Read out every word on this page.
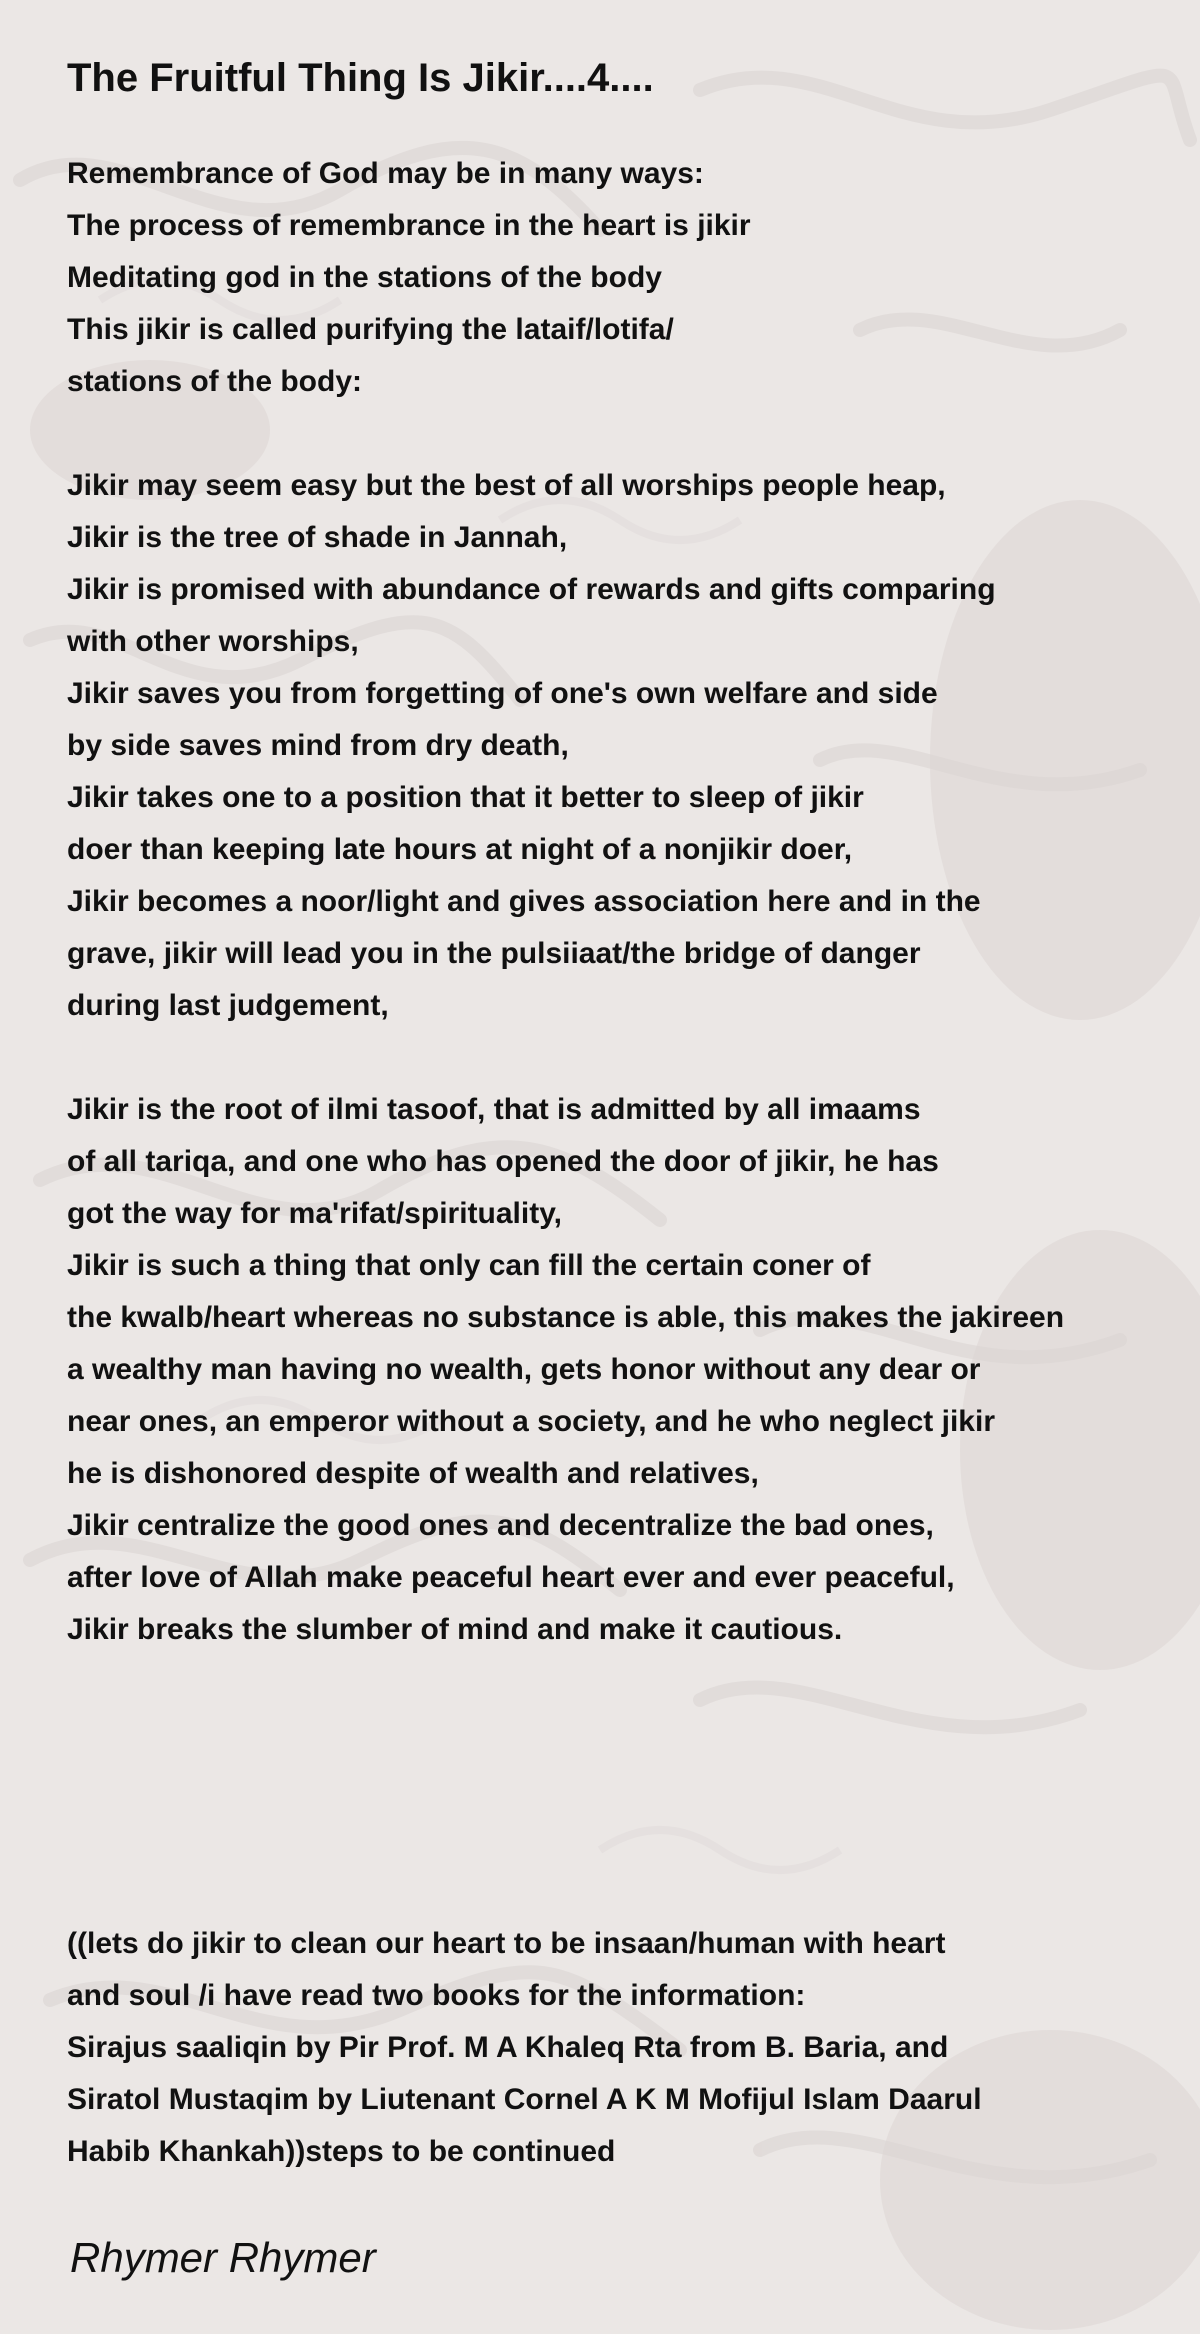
The Fruitful Thing Is Jikir....4....
Remembrance of God may be in many ways:
The process of remembrance in the heart is jikir
Meditating god in the stations of the body
This jikir is called purifying the lataif/lotifa/
stations of the body:
Jikir may seem easy but the best of all worships people heap,
Jikir is the tree of shade in Jannah,
Jikir is promised with abundance of rewards and gifts comparing
with other worships,
Jikir saves you from forgetting of one's own welfare and side
by side saves mind from dry death,
Jikir takes one to a position that it better to sleep of jikir
doer than keeping late hours at night of a nonjikir doer,
Jikir becomes a noor/light and gives association here and in the
grave, jikir will lead you in the pulsiiaat/the bridge of danger
during last judgement,
Jikir is the root of ilmi tasoof, that is admitted by all imaams
of all tariqa, and one who has opened the door of jikir, he has
got the way for ma'rifat/spirituality,
Jikir is such a thing that only can fill the certain coner of
the kwalb/heart whereas no substance is able, this makes the jakireen
a wealthy man having no wealth, gets honor without any dear or
near ones, an emperor without a society, and he who neglect jikir
he is dishonored despite of wealth and relatives,
Jikir centralize the good ones and decentralize the bad ones,
after love of Allah make peaceful heart ever and ever peaceful,
Jikir breaks the slumber of mind and make it cautious.
((lets do jikir to clean our heart to be insaan/human with heart
and soul /i have read two books for the information:
Sirajus saaliqin by Pir Prof. M A Khaleq Rta from B. Baria, and
Siratol Mustaqim by Liutenant Cornel A K M Mofijul Islam Daarul
Habib Khankah))steps to be continued

Rhymer Rhymer
